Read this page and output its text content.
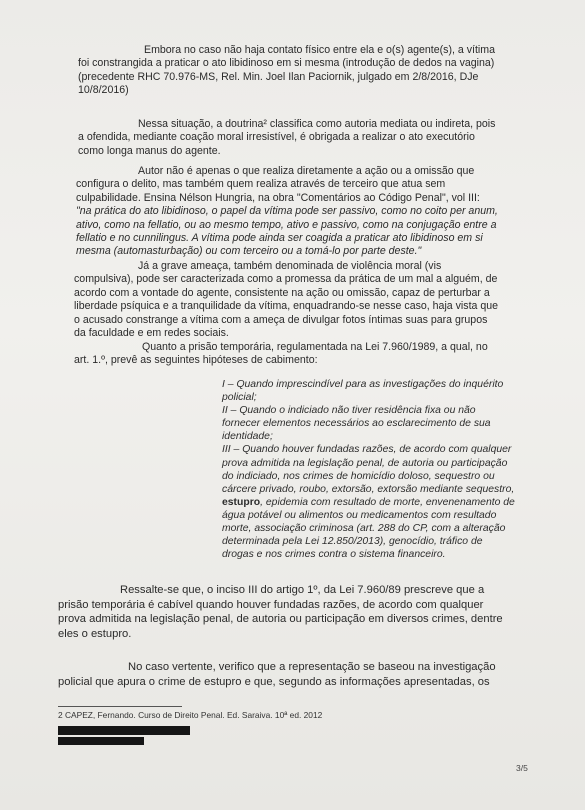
Embora no caso não haja contato físico entre ela e o(s) agente(s), a vítima
foi constrangida a praticar o ato libidinoso em si mesma (introdução de dedos na vagina)
(precedente RHC 70.976-MS, Rel. Min. Joel Ilan Paciornik, julgado em 2/8/2016, DJe
10/8/2016)
Nessa situação, a doutrina² classifica como autoria mediata ou indireta, pois
a ofendida, mediante coação moral irresistível, é obrigada a realizar o ato executório
como longa manus do agente.
Autor não é apenas o que realiza diretamente a ação ou a omissão que
configura o delito, mas também quem realiza através de terceiro que atua sem
culpabilidade. Ensina Nélson Hungria, na obra "Comentários ao Código Penal", vol III:
"na prática do ato libidinoso, o papel da vítima pode ser passivo, como no coito per anum,
ativo, como na fellatio, ou ao mesmo tempo, ativo e passivo, como na conjugação entre a
fellatio e no cunnilingus. A vítima pode ainda ser coagida a praticar ato libidinoso em si
mesma (automasturbação) ou com terceiro ou a tomá-lo por parte deste."
Já a grave ameaça, também denominada de violência moral (vis
compulsiva), pode ser caracterizada como a promessa da prática de um mal a alguém, de
acordo com a vontade do agente, consistente na ação ou omissão, capaz de perturbar a
liberdade psíquica e a tranquilidade da vítima, enquadrando-se nesse caso, haja vista que
o acusado constrange a vítima com a ameça de divulgar fotos íntimas suas para grupos
da faculdade e em redes sociais.
Quanto a prisão temporária, regulamentada na Lei 7.960/1989, a qual, no
art. 1.º, prevê as seguintes hipóteses de cabimento:
I – Quando imprescindível para as investigações do inquérito
policial;
II – Quando o indiciado não tiver residência fixa ou não
fornecer elementos necessários ao esclarecimento de sua
identidade;
III – Quando houver fundadas razões, de acordo com qualquer
prova admitida na legislação penal, de autoria ou participação
do indiciado, nos crimes de homicídio doloso, sequestro ou
cárcere privado, roubo, extorsão, extorsão mediante sequestro,
estupro, epidemia com resultado de morte, envenenamento de
água potável ou alimentos ou medicamentos com resultado
morte, associação criminosa (art. 288 do CP, com a alteração
determinada pela Lei 12.850/2013), genocídio, tráfico de
drogas e nos crimes contra o sistema financeiro.
Ressalte-se que, o inciso III do artigo 1º, da Lei 7.960/89 prescreve que a
prisão temporária é cabível quando houver fundadas razões, de acordo com qualquer
prova admitida na legislação penal, de autoria ou participação em diversos crimes, dentre
eles o estupro.
No caso vertente, verifico que a representação se baseou na investigação
policial que apura o crime de estupro e que, segundo as informações apresentadas, os
2 CAPEZ, Fernando. Curso de Direito Penal. Ed. Saraiva. 10ª ed. 2012
3/5
